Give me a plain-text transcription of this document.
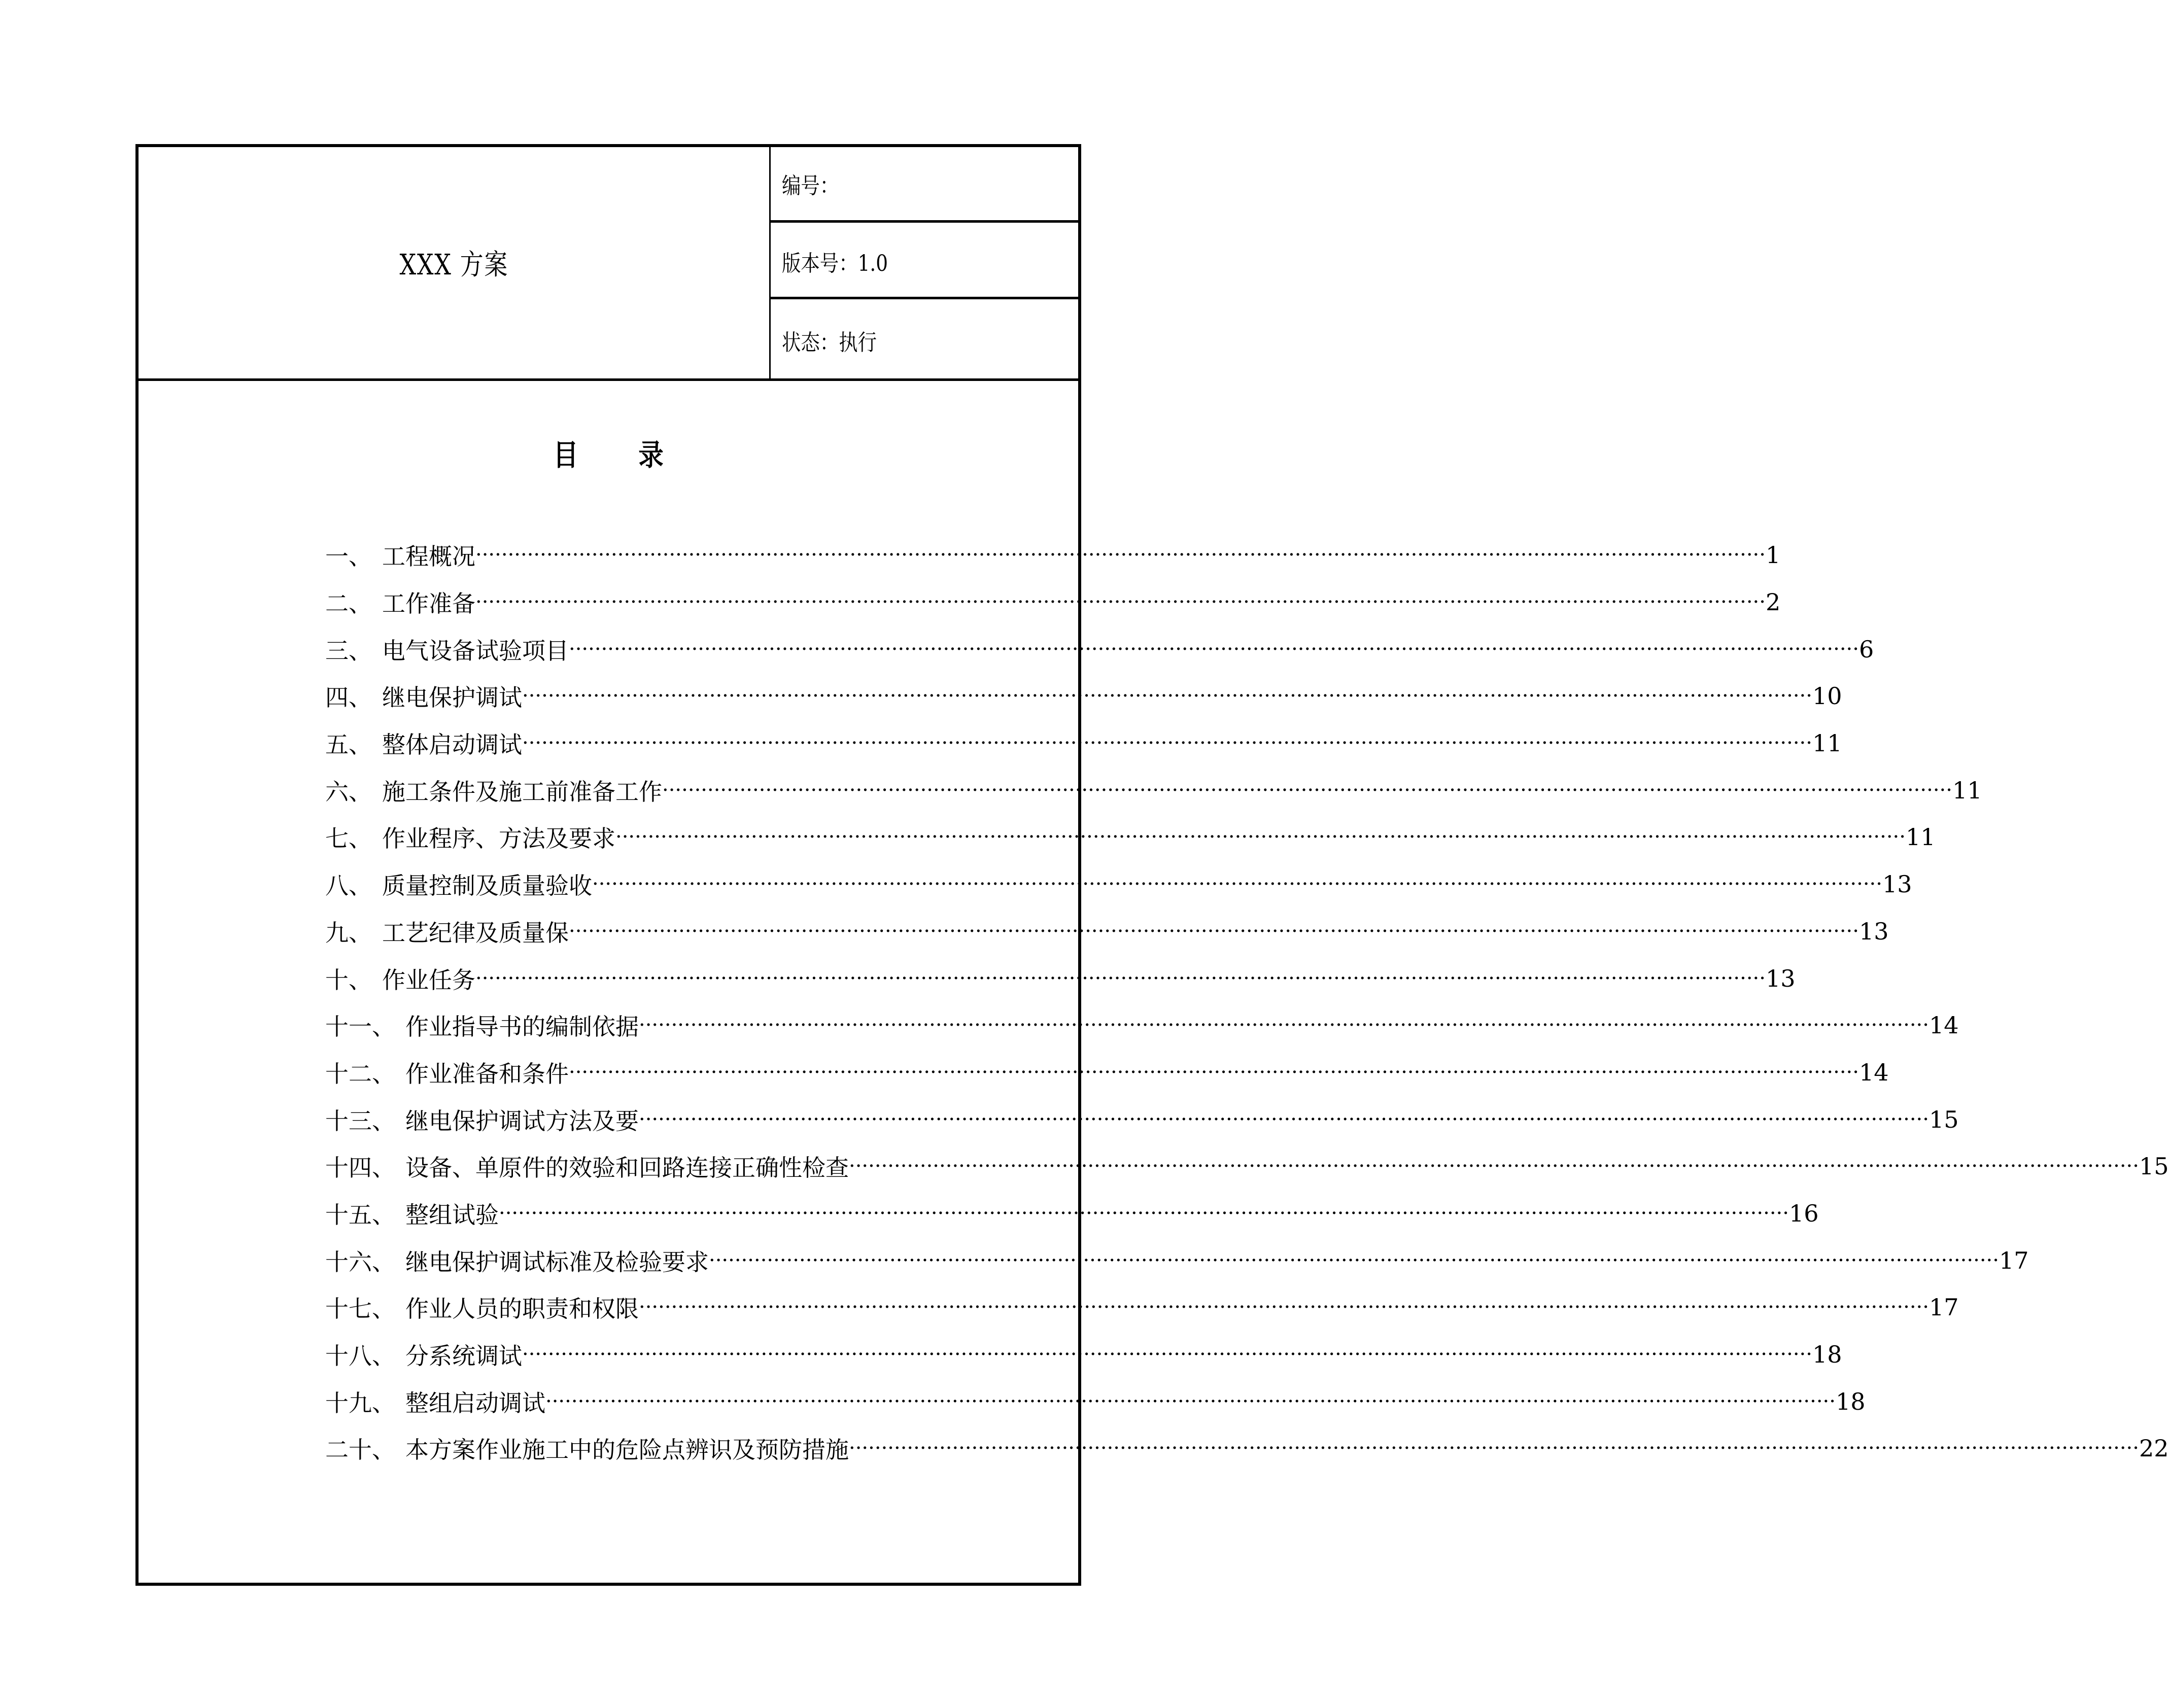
XXX 方案
编号：
版本号：1.0
状态：执行
目 录
一、 工程概况 ········································································································································································································ 1
二、 工作准备 ········································································································································································································ 2
三、 电气设备试验项目 ········································································································································································································ 6
四、 继电保护调试 ········································································································································································································ 10
五、 整体启动调试 ········································································································································································································ 11
六、 施工条件及施工前准备工作 ········································································································································································································ 11
七、 作业程序、方法及要求 ········································································································································································································ 11
八、 质量控制及质量验收 ········································································································································································································ 13
九、 工艺纪律及质量保 ········································································································································································································ 13
十、 作业任务 ········································································································································································································ 13
十一、 作业指导书的编制依据 ········································································································································································································ 14
十二、 作业准备和条件 ········································································································································································································ 14
十三、 继电保护调试方法及要 ········································································································································································································ 15
十四、 设备、单原件的效验和回路连接正确性检查 ········································································································································································································ 15
十五、 整组试验 ········································································································································································································ 16
十六、 继电保护调试标准及检验要求 ········································································································································································································ 17
十七、 作业人员的职责和权限 ········································································································································································································ 17
十八、 分系统调试 ········································································································································································································ 18
十九、 整组启动调试 ········································································································································································································ 18
二十、 本方案作业施工中的危险点辨识及预防措施 ········································································································································································································ 22
